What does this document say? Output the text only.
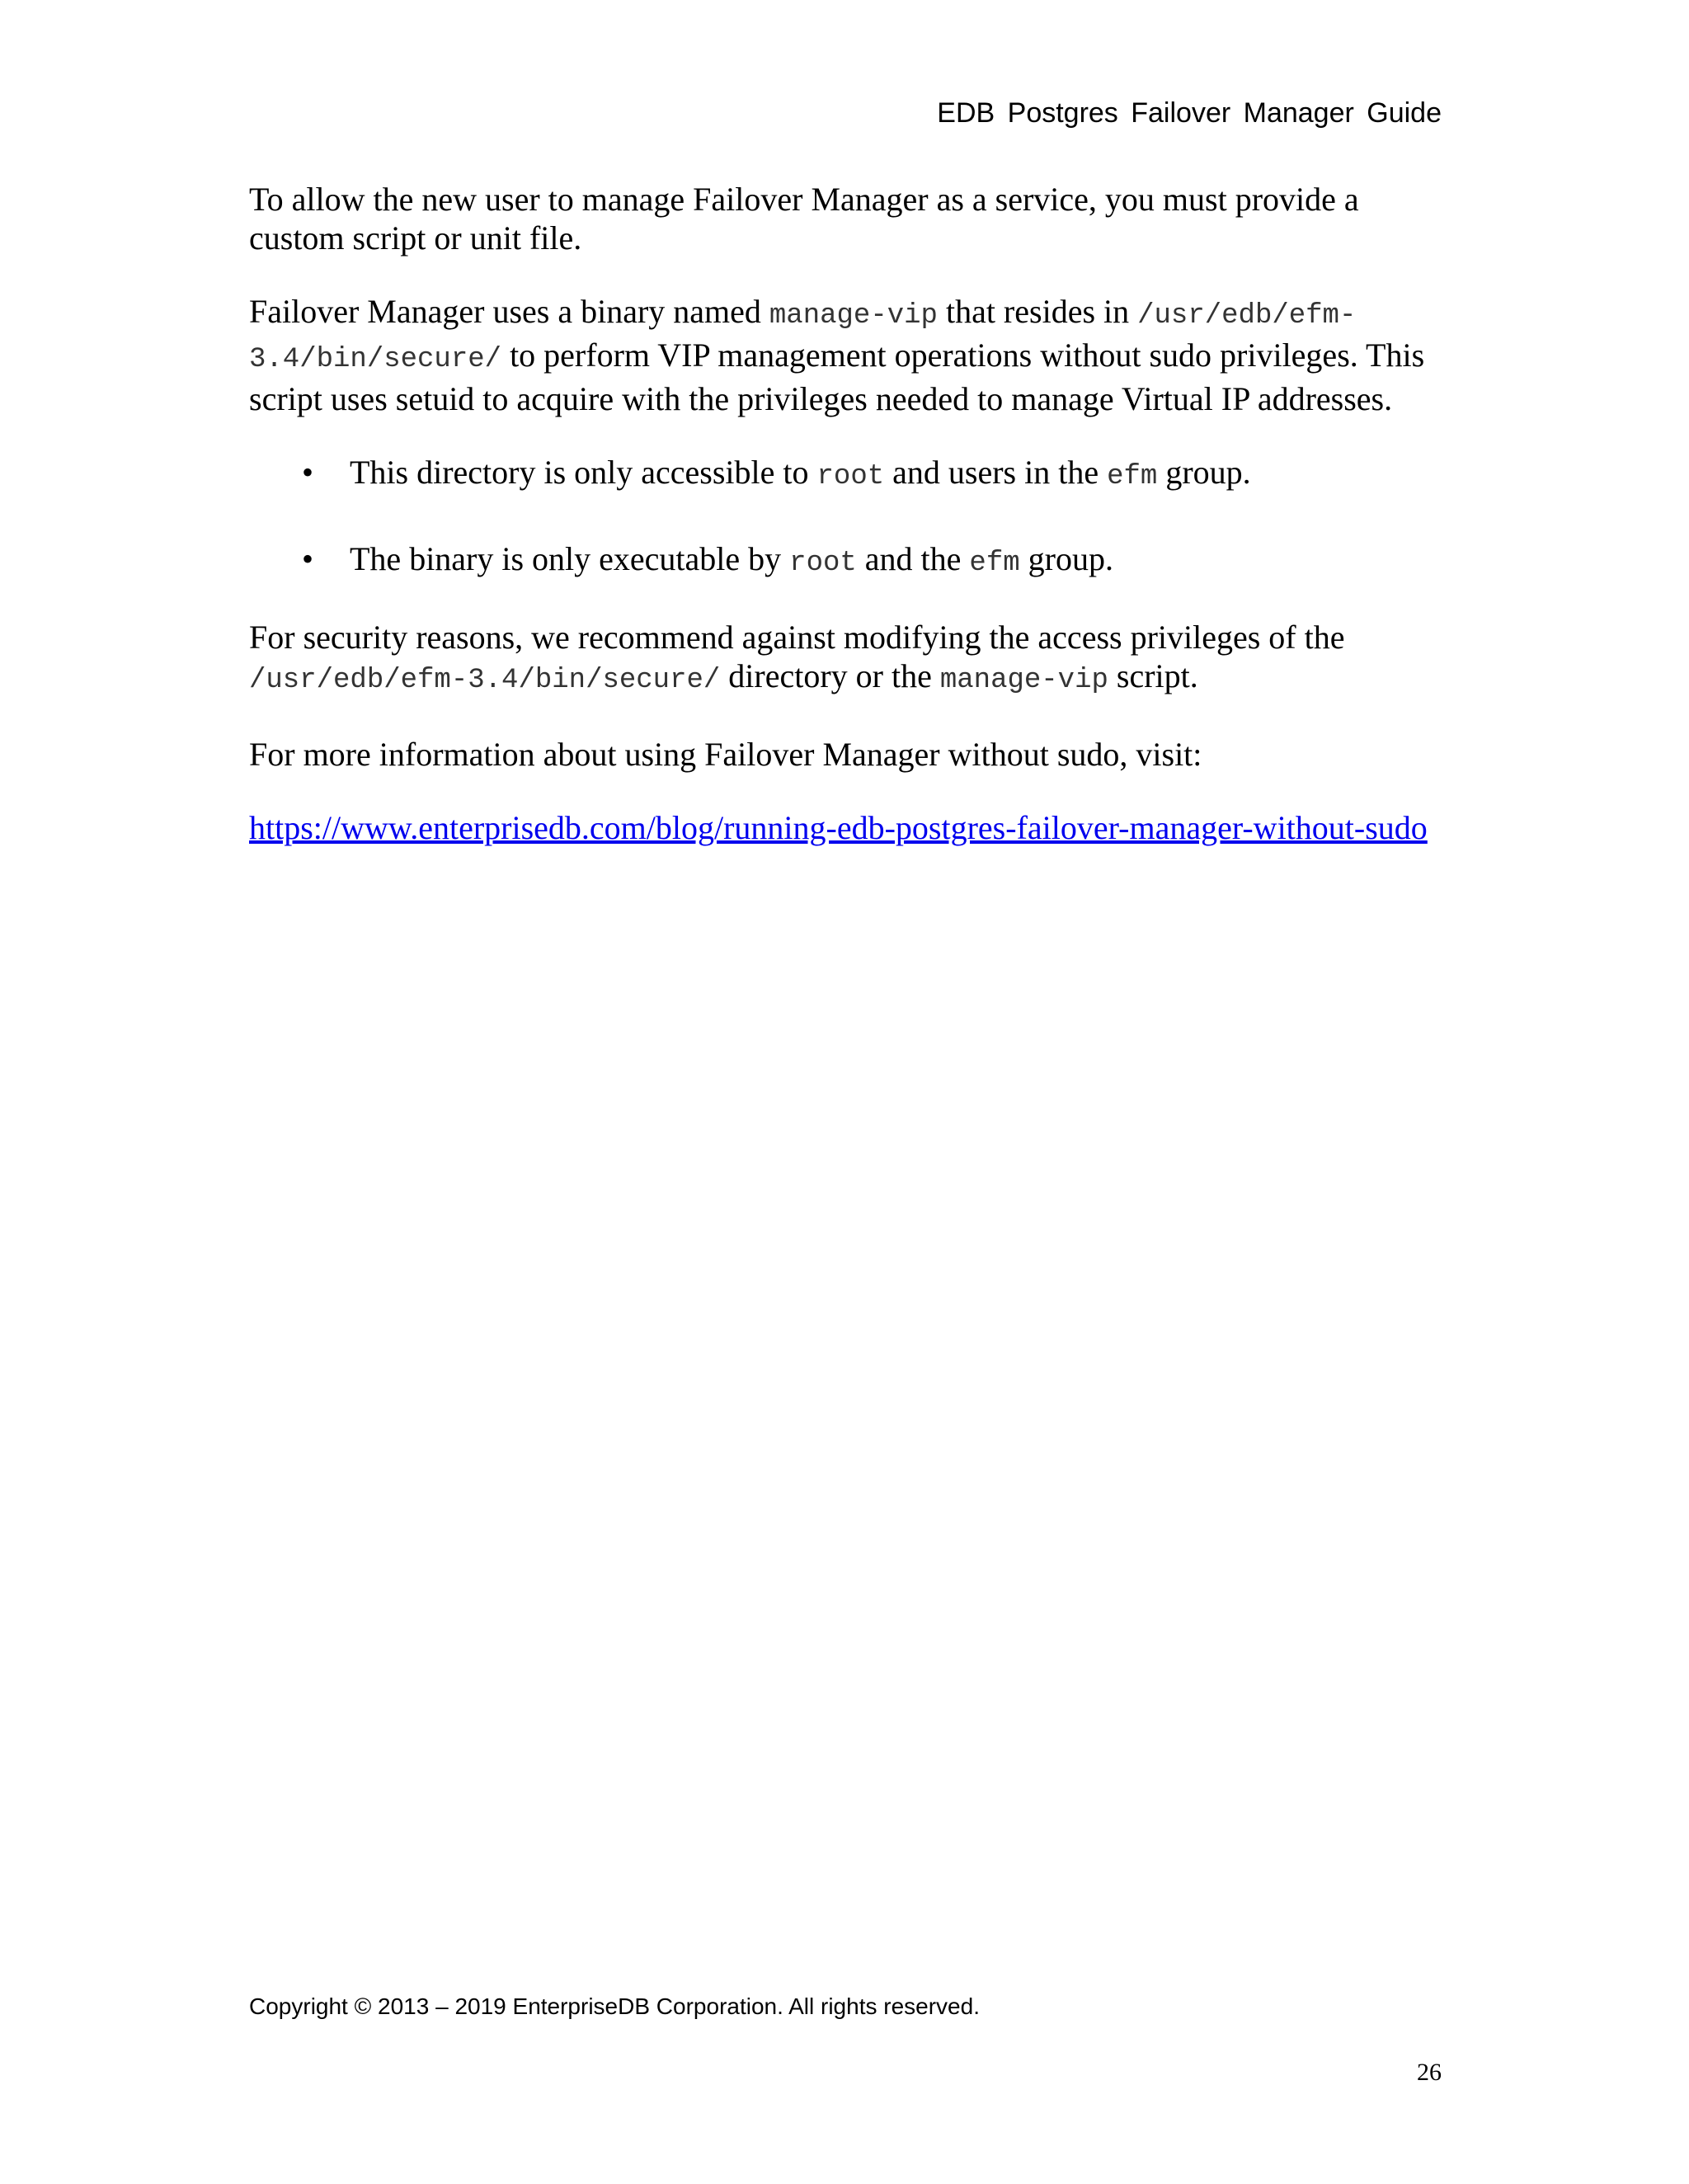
EDB Postgres Failover Manager Guide

To allow the new user to manage Failover Manager as a service, you must provide a custom script or unit file.

Failover Manager uses a binary named manage-vip that resides in /usr/edb/efm-3.4/bin/secure/ to perform VIP management operations without sudo privileges. This script uses setuid to acquire with the privileges needed to manage Virtual IP addresses.

• This directory is only accessible to root and users in the efm group.
• The binary is only executable by root and the efm group.

For security reasons, we recommend against modifying the access privileges of the /usr/edb/efm-3.4/bin/secure/ directory or the manage-vip script.

For more information about using Failover Manager without sudo, visit:

https://www.enterprisedb.com/blog/running-edb-postgres-failover-manager-without-sudo

Copyright © 2013 – 2019 EnterpriseDB Corporation. All rights reserved.
26
